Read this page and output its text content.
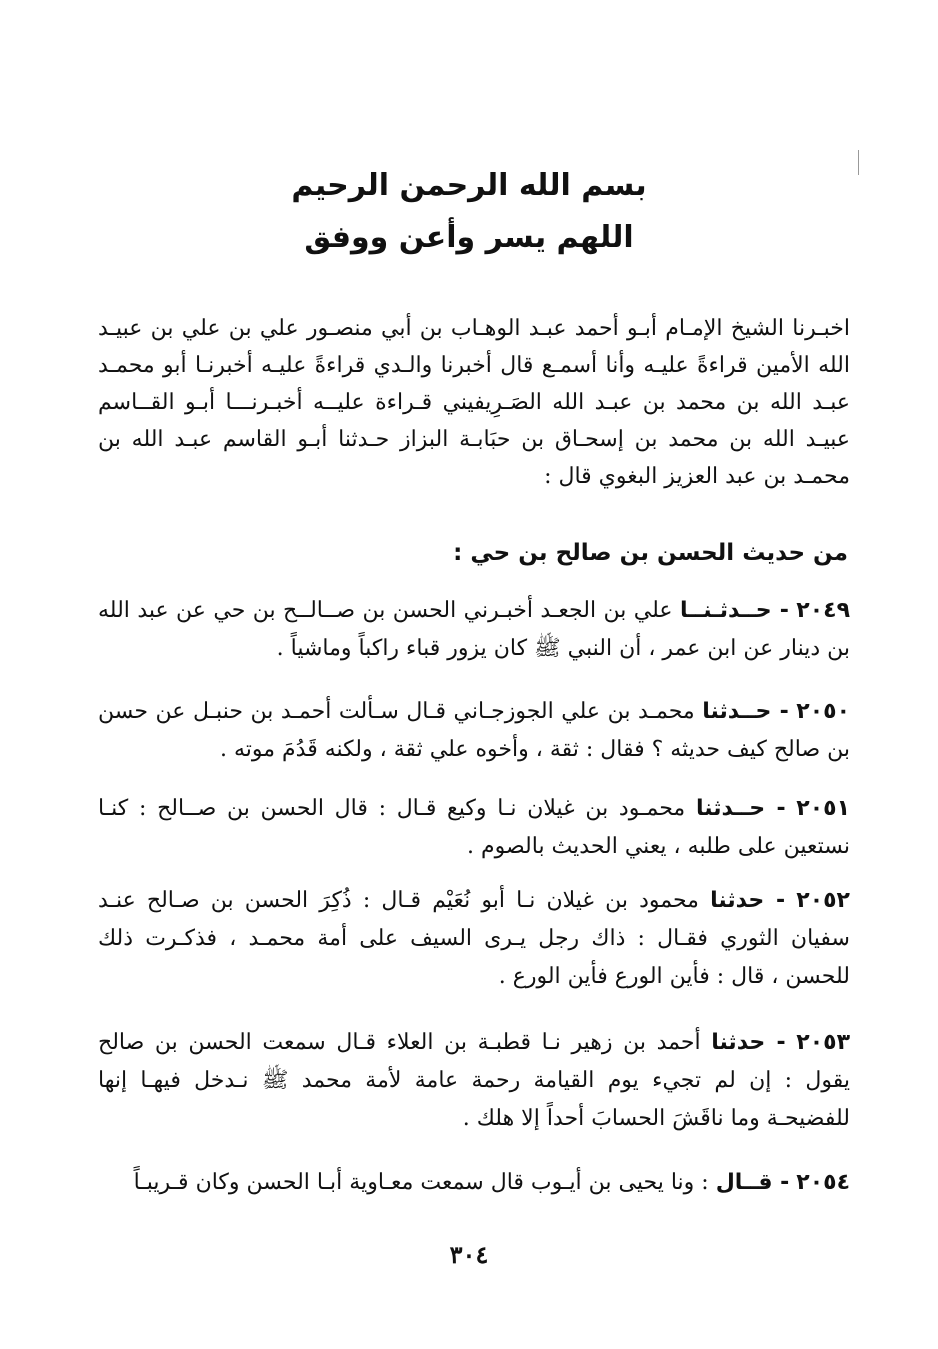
بسم الله الرحمن الرحيم
اللهم يسر وأعن ووفق
اخبـرنا الشيخ الإمـام أبـو أحمد عبـد الوهـاب بن أبي منصـور علي بن علي بن عبيـد الله الأمين قراءةً عليـه وأنا أسمـع قال أخبرنا والـدي قراءةً عليـه أخبرنـا أبو محمـد عبـد الله بن محمد بن عبـد الله الصَـرِيفيني قـراءة عليــه أخبـرنـــا أبـو القــاسم عبيـد الله بن محمد بن إسحـاق بن حبَابـة البزاز حـدثنا أبـو القاسم عبـد الله بن محمـد بن عبد العزيز البغوي قال :
من حديث الحسن بن صالح بن حي :
٢٠٤٩ - حــدثـنــا علي بن الجعـد أخبـرني الحسن بن صــالــح بن حي عن عبد الله بن دينار عن ابن عمر ، أن النبي ﷺ كان يزور قباء راكباً وماشياً .
٢٠٥٠ - حــدثنا محمـد بن علي الجوزجـاني قـال سـألت أحمـد بن حنبـل عن حسن بن صالح كيف حديثه ؟ فقال : ثقة ، وأخوه علي ثقة ، ولكنه قَدُمَ موته .
٢٠٥١ - حــدثنا محمـود بن غيلان نـا وكيع قـال : قال الحسن بن صــالح : كنـا نستعين على طلبه ، يعني الحديث بالصوم .
٢٠٥٢ - حدثنا محمود بن غيلان نـا أبو نُعَيْم قـال : ذُكِرَ الحسن بن صـالح عنـد سفيان الثوري فقـال : ذاك رجل يـرى السيف على أمة محمـد ، فذكـرت ذلك للحسن ، قال : فأين الورع فأين الورع .
٢٠٥٣ - حدثنا أحمد بن زهير نـا قطبـة بن العلاء قـال سمعت الحسن بن صالح يقول : إن لم تجيء يوم القيامة رحمة عامة لأمة محمد ﷺ نـدخل فيهـا إنها للفضيحـة وما ناقَشَ الحسابَ أحداً إلا هلك .
٢٠٥٤ - قــال : ونا يحيى بن أيـوب قال سمعت معـاوية أبـا الحسن وكان قـريبـاً
٣٠٤
